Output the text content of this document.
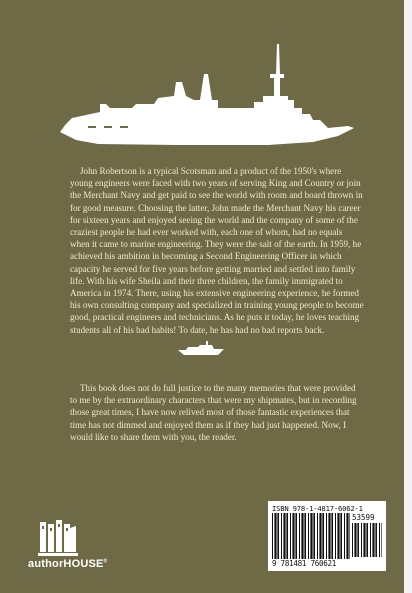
John Robertson is a typical Scotsman and a product of the 1950's where young engineers were faced with two years of serving King and Country or join the Merchant Navy and get paid to see the world with room and board thrown in for good measure. Choosing the latter, John made the Merchant Navy his career for sixteen years and enjoyed seeing the world and the company of some of the craziest people he had ever worked with, each one of whom, had no equals when it came to marine engineering. They were the salt of the earth. In 1959, he achieved his ambition in becoming a Second Engineering Officer in which capacity he served for five years before getting married and settled into family life. With his wife Sheila and their three children, the family immigrated to America in 1974. There, using his extensive engineering experience, he formed his own consulting company and specialized in training young people to become good, practical engineers and technicians. As he puts it today, he loves teaching students all of his bad habits! To date, he has had no bad reports back.

This book does not do full justice to the many memories that were provided to me by the extraordinary characters that were my shipmates, but in recording those great times, I have now relived most of those fantastic experiences that time has not dimmed and enjoyed them as if they had just happened. Now, I would like to share them with you, the reader.

authorHOUSE®
ISBN 978-1-4817-6062-1
53599
9 781481 760621
